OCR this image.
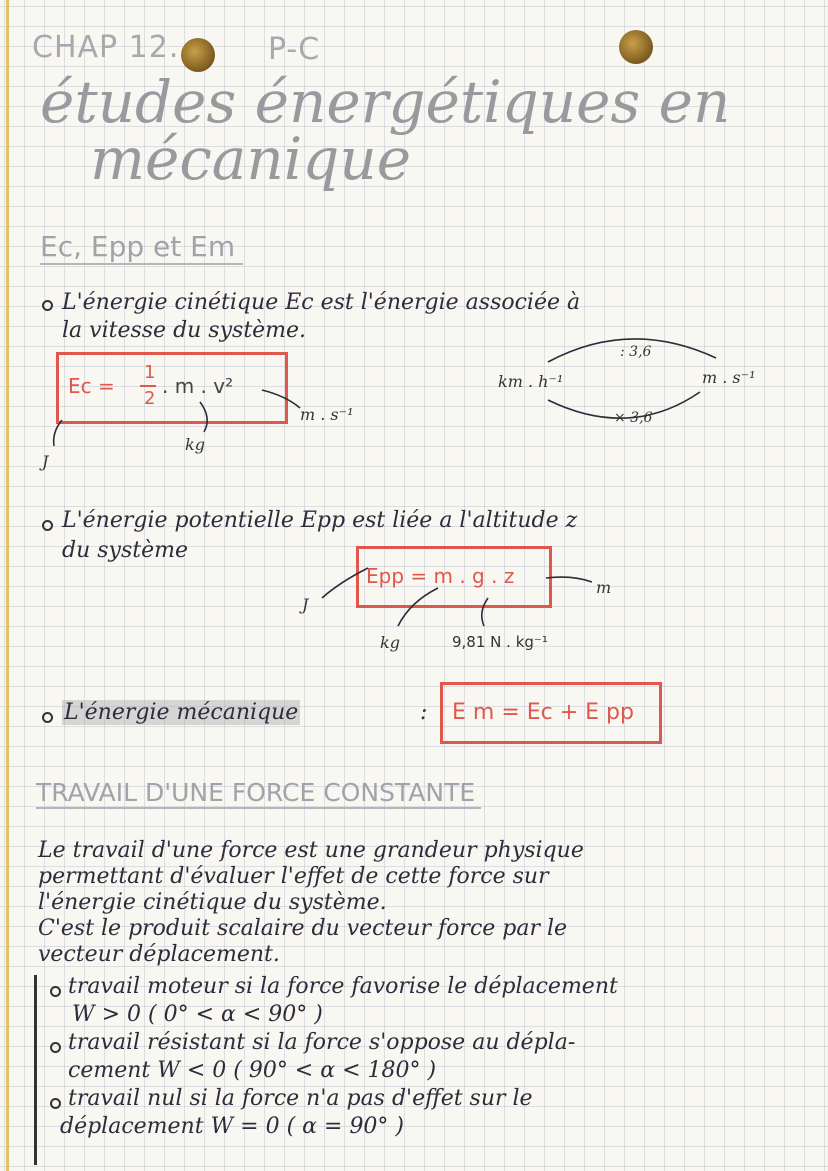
CHAP 12.	P-C
études énergétiques en
mécanique
Ec, Epp et Em
L'énergie cinétique Ec est l'énergie associée à
la vitesse du système.
Ec =
1
2
. m . v²
m . s⁻¹
J
kg
km . h⁻¹	m . s⁻¹
: 3,6
× 3,6
L'énergie potentielle Epp est liée a l'altitude z
du système
Epp = m . g . z
J
m
kg	9,81 N . kg⁻¹
L'énergie mécanique	: E m = Ec + E pp
TRAVAIL D'UNE FORCE CONSTANTE
Le travail d'une force est une grandeur physique
permettant d'évaluer l'effet de cette force sur
l'énergie cinétique du système.
C'est le produit scalaire du vecteur force par le
vecteur déplacement.
travail moteur si la force favorise le déplacement
W > 0 ( 0° < α < 90° )
travail résistant si la force s'oppose au dépla-
cement W < 0 ( 90° < α < 180° )
travail nul si la force n'a pas d'effet sur le
déplacement W = 0 ( α = 90° )
